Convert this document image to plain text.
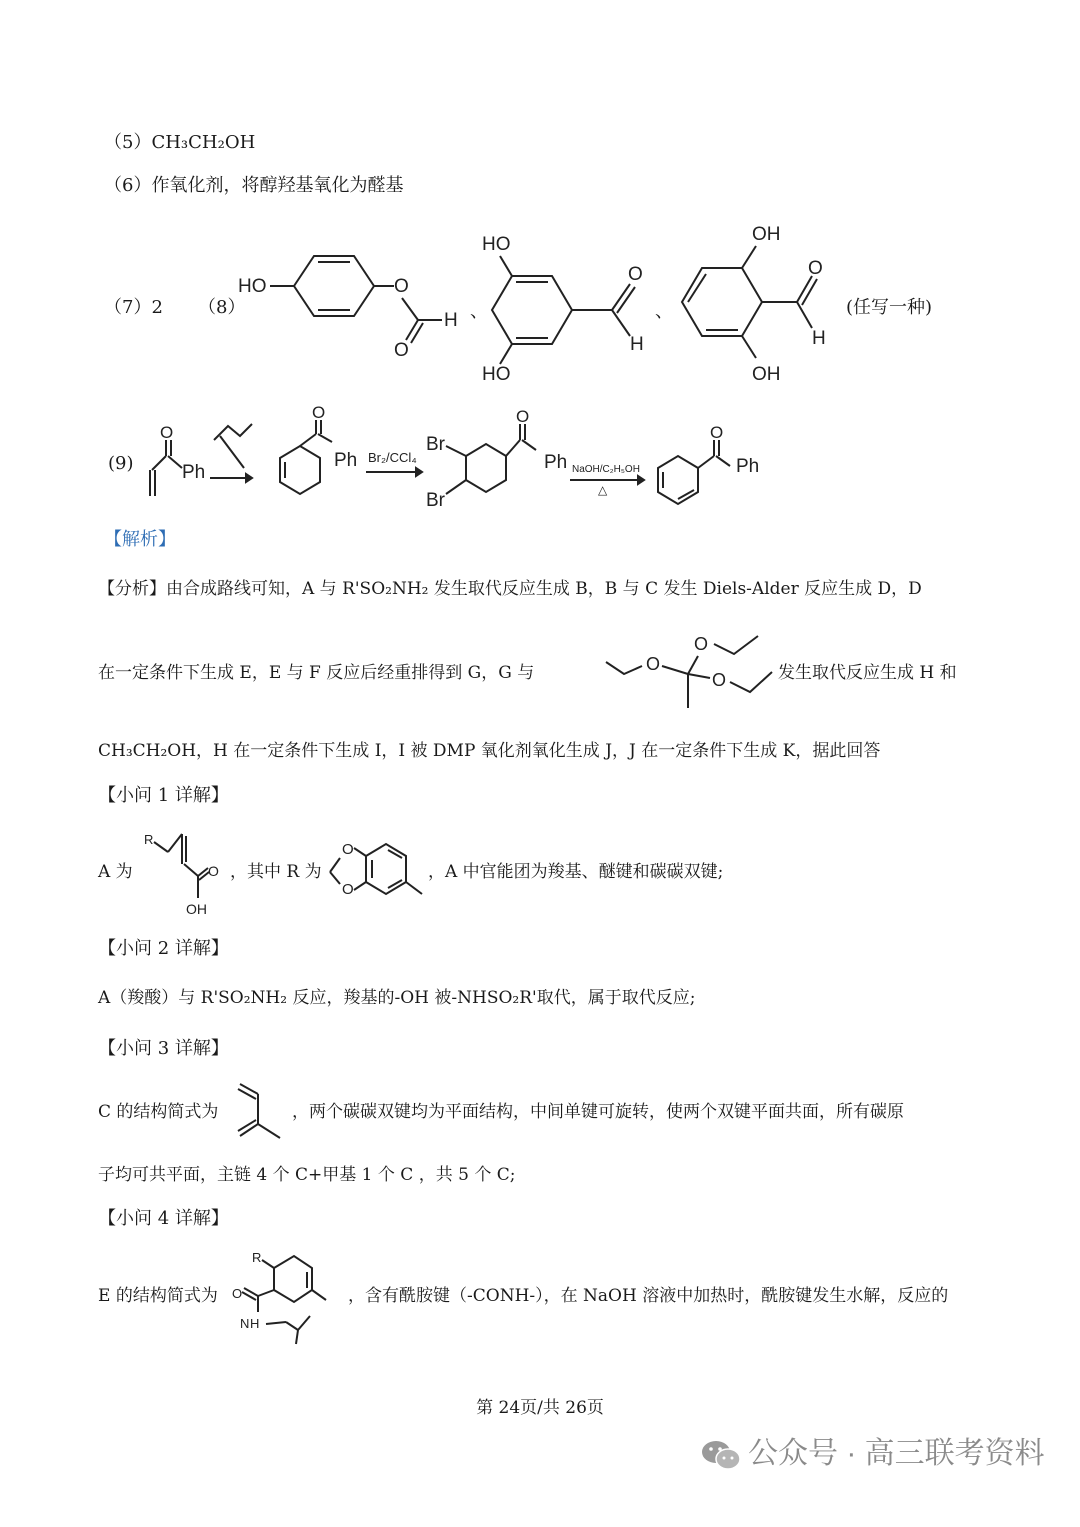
（5）CH₃CH₂OH
（6）作氧化剂，将醇羟基氧化为醛基
（7）2 （8）
HO	O
H
O
、
HO
HO
O
H
、
OH
OH
O
H
(任写一种)
(9)
O
Ph
O
Ph Br₂/CCl₄
Br
Br
O
Ph NaOH/C₂H₅OH
△
O
Ph
【解析】
【分析】由合成路线可知，A 与 R'SO₂NH₂ 发生取代反应生成 B，B 与 C 发生 Diels-Alder 反应生成 D，D
在一定条件下生成 E，E 与 F 反应后经重排得到 G，G 与	O
O
O	发生取代反应生成 H 和
CH₃CH₂OH，H 在一定条件下生成 I，I 被 DMP 氧化剂氧化生成 J，J 在一定条件下生成 K，据此回答
【小问 1 详解】
A 为
R
O
OH
，其中 R 为
O
O
，A 中官能团为羧基、醚键和碳碳双键;
【小问 2 详解】
A（羧酸）与 R'SO₂NH₂ 反应，羧基的-OH 被-NHSO₂R'取代，属于取代反应;
【小问 3 详解】
C 的结构简式为	，两个碳碳双键均为平面结构，中间单键可旋转，使两个双键平面共面，所有碳原
子均可共平面，主链 4 个 C+甲基 1 个 C ，共 5 个 C;
【小问 4 详解】
E 的结构简式为
R
O
N H
，含有酰胺键（-CONH-），在 NaOH 溶液中加热时，酰胺键发生水解，反应的
第 24页/共 26页
公众号 · 高三联考资料
